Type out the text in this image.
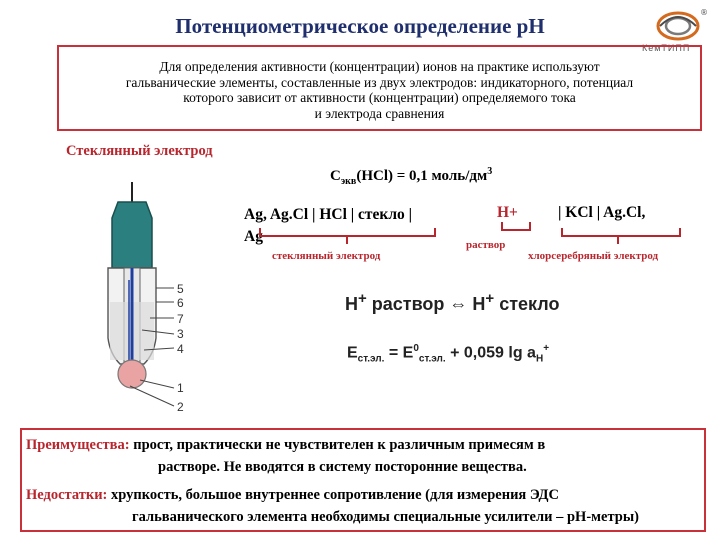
Потенциометрическое определение рН
®
КемТИПП
Для определения активности (концентрации) ионов на практике используют
гальванические элементы, составленные из двух электродов: индикаторного, потенциал
которого зависит от активности (концентрации) определяемого тока
и электрода сравнения
Стеклянный электрод
5
6
7
3
4
1
2
$C_{экв}(HCl) = 0,1$ моль/$дм^3$
Ag, Ag.Cl | HCl | стекло |
Ag
Н+	| KCl | Ag.Cl,
стеклянный электрод
раствор
хлорсеребряный электрод
H+ раствор ⇔ H+ стекло
$E_{ст.эл.} = E^0_{ст.эл.} + 0,059$ $\lg a_H^+$
Преимущества: прост, практически не чувствителен к различным примесям в
раствоpе. Не вводятся в систему посторонние вещества.
Недостатки: хрупкость, большое внутреннее сопротивление (для измерения ЭДС
гальванического элемента необходимы специальные усилители – рН-метры)
